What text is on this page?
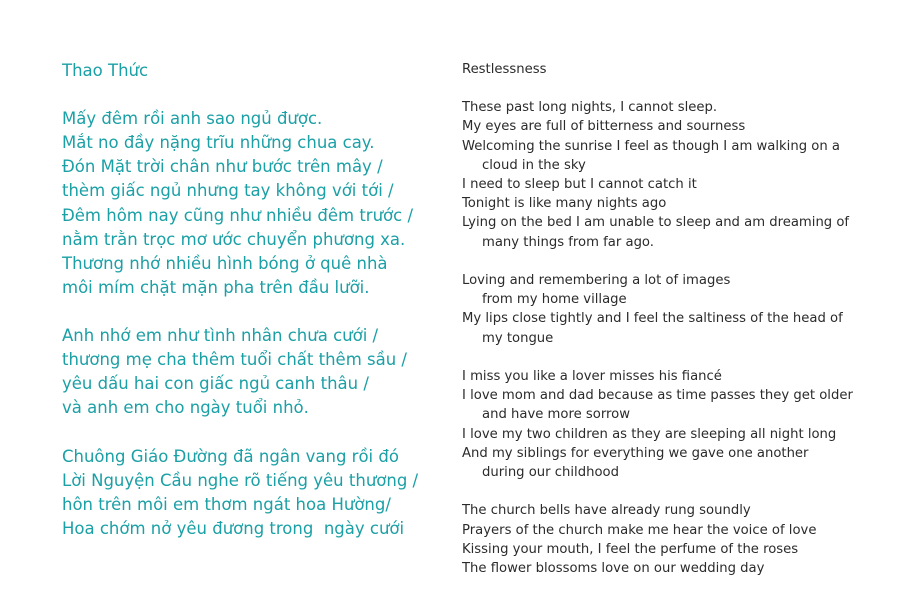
Thao Thức
Mấy đêm rồi anh sao ngủ được.
Mắt no đầy nặng trĩu những chua cay.
Đón Mặt trời chân như bước trên mây /
thèm giấc ngủ nhưng tay không với tới /
Đêm hôm nay cũng như nhiều đêm trước /
nằm trằn trọc mơ ước chuyển phương xa.
Thương nhớ nhiều hình bóng ở quê nhà
môi mím chặt mặn pha trên đầu lưỡi.
Anh nhớ em như tình nhân chưa cưới /
thương mẹ cha thêm tuổi chất thêm sầu /
yêu dấu hai con giấc ngủ canh thâu /
và anh em cho ngày tuổi nhỏ.
Chuông Giáo Đường đã ngân vang rồi đó
Lời Nguyện Cầu nghe rõ tiếng yêu thương /
hôn trên môi em thơm ngát hoa Hường/
Hoa chớm nở yêu đương trong  ngày cưới
Restlessness
These past long nights, I cannot sleep.
My eyes are full of bitterness and sourness
Welcoming the sunrise I feel as though I am walking on a
cloud in the sky
I need to sleep but I cannot catch it
Tonight is like many nights ago
Lying on the bed I am unable to sleep and am dreaming of
many things from far ago.
Loving and remembering a lot of images
from my home village
My lips close tightly and I feel the saltiness of the head of
my tongue
I miss you like a lover misses his fiancé
I love mom and dad because as time passes they get older
and have more sorrow
I love my two children as they are sleeping all night long
And my siblings for everything we gave one another
during our childhood
The church bells have already rung soundly
Prayers of the church make me hear the voice of love
Kissing your mouth, I feel the perfume of the roses
The flower blossoms love on our wedding day
